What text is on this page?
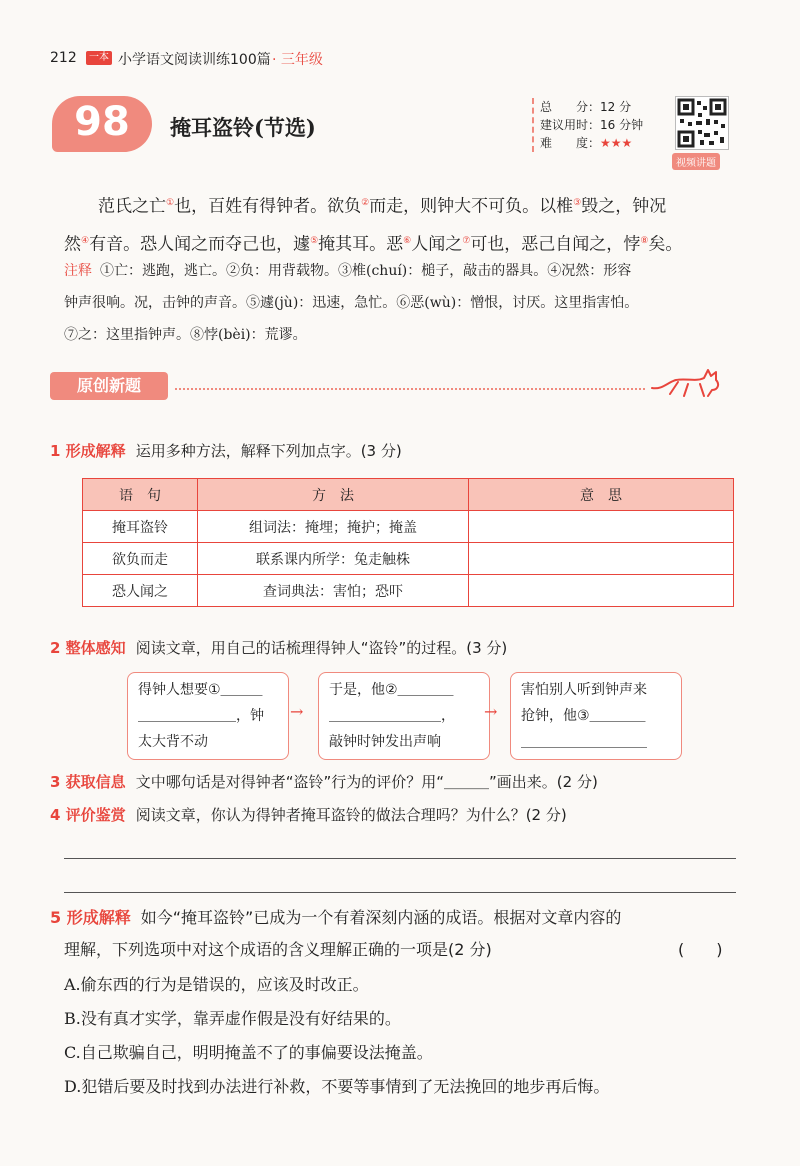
212	一本 小学语文阅读训练100篇 · 三年级
98	掩耳盗铃(节选)
总　　分：12 分
建议用时：16 分钟
难　　度：★★★
视频讲题
范氏之亡①也，百姓有得钟者。欲负②而走，则钟大不可负。以椎③毁之，钟况
然④有音。恐人闻之而夺己也，遽⑤掩其耳。恶⑥人闻之⑦可也，恶己自闻之，悖⑧矣。
注释 ①亡：逃跑，逃亡。②负：用背载物。③椎(chuí)：槌子，敲击的器具。④况然：形容
钟声很响。况，击钟的声音。⑤遽(jù)：迅速，急忙。⑥恶(wù)：憎恨，讨厌。这里指害怕。
⑦之：这里指钟声。⑧悖(bèi)：荒谬。
原创新题
1 形成解释 运用多种方法，解释下列加点字。(3 分)
语　句	方　法	意　思
掩耳盗铃	组词法：掩埋；掩护；掩盖	
欲负而走	联系课内所学：兔走触株	
恐人闻之	查词典法：害怕；恐吓	
2 整体感知 阅读文章，用自己的话梳理得钟人“盗铃”的过程。(3 分)
得钟人想要①＿＿＿
＿＿＿＿＿＿＿，钟
太大背不动
→
于是，他②＿＿＿＿
＿＿＿＿＿＿＿＿，
敲钟时钟发出声响
→
害怕别人听到钟声来
抢钟，他③＿＿＿＿
＿＿＿＿＿＿＿＿＿
3 获取信息 文中哪句话是对得钟者“盗铃”行为的评价？用“＿＿＿”画出来。(2 分)
4 评价鉴赏 阅读文章，你认为得钟者掩耳盗铃的做法合理吗？为什么？(2 分)
5 形成解释 如今“掩耳盗铃”已成为一个有着深刻内涵的成语。根据对文章内容的
理解，下列选项中对这个成语的含义理解正确的一项是(2 分)	(　　)
A.偷东西的行为是错误的，应该及时改正。
B.没有真才实学，靠弄虚作假是没有好结果的。
C.自己欺骗自己，明明掩盖不了的事偏要设法掩盖。
D.犯错后要及时找到办法进行补救，不要等事情到了无法挽回的地步再后悔。
